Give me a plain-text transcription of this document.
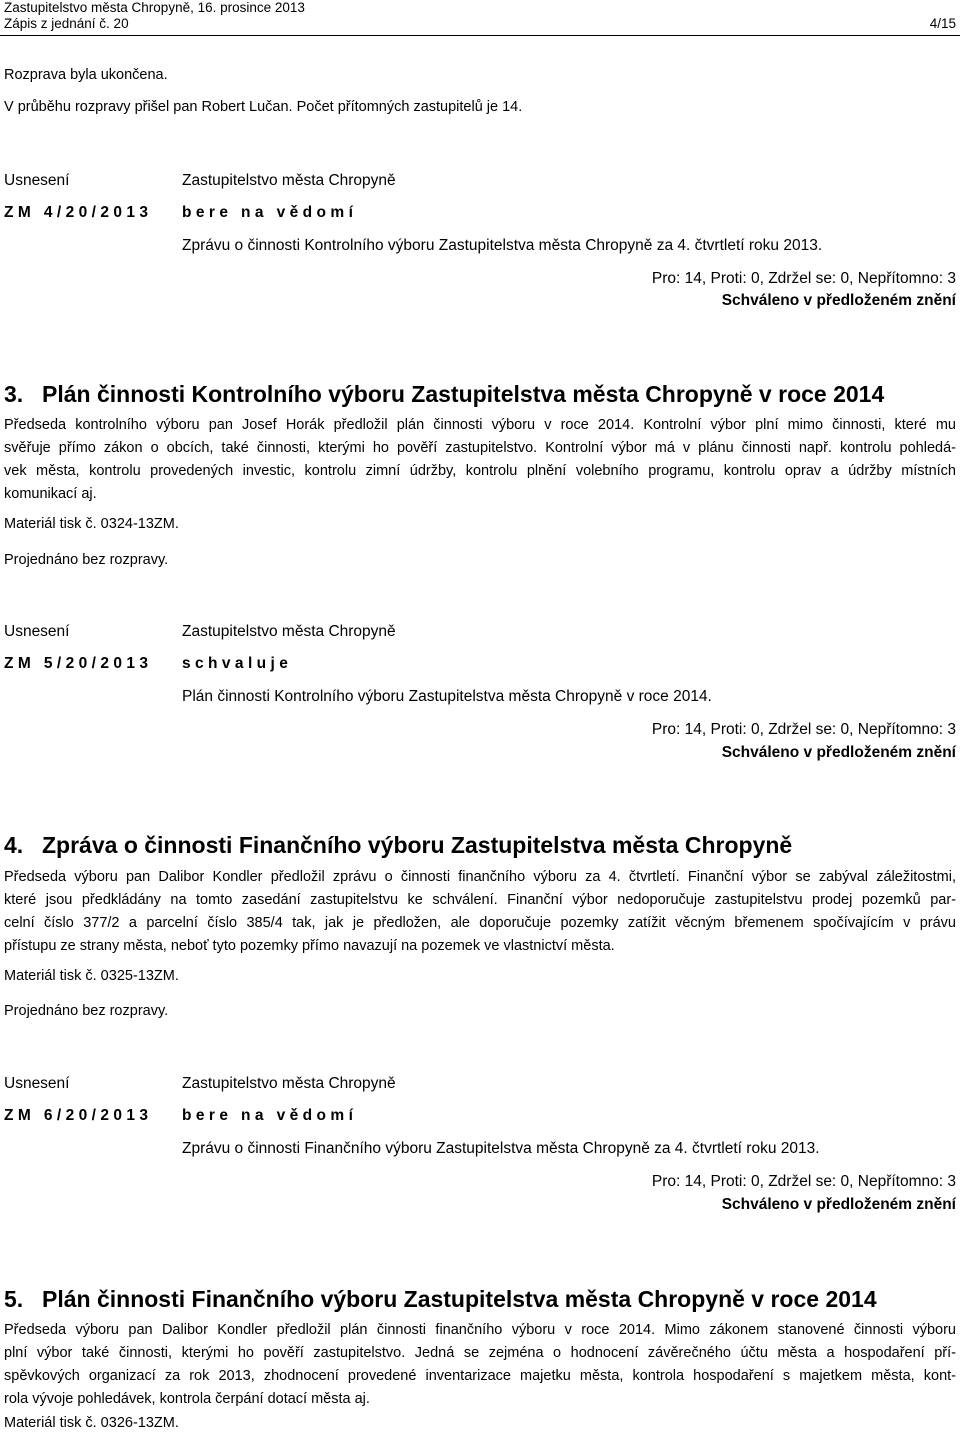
Zastupitelstvo města Chropyně, 16. prosince 2013
Zápis z jednání č. 20	4/15
Rozprava byla ukončena.
V průběhu rozpravy přišel pan Robert Lučan. Počet přítomných zastupitelů je 14.
Usnesení
ZM 4/20/2013
Zastupitelstvo města Chropyně
bere na vědomí
Zprávu o činnosti Kontrolního výboru Zastupitelstva města Chropyně za 4. čtvrtletí roku 2013.
Pro: 14, Proti: 0, Zdržel se: 0, Nepřítomno: 3
Schváleno v předloženém znění
3. Plán činnosti Kontrolního výboru Zastupitelstva města Chropyně v roce 2014
Předseda kontrolního výboru pan Josef Horák předložil plán činnosti výboru v roce 2014. Kontrolní výbor plní mimo činnosti, které mu
svěřuje přímo zákon o obcích, také činnosti, kterými ho pověří zastupitelstvo. Kontrolní výbor má v plánu činnosti např. kontrolu pohledá-
vek města, kontrolu provedených investic, kontrolu zimní údržby, kontrolu plnění volebního programu, kontrolu oprav a údržby místních
komunikací aj.
Materiál tisk č. 0324-13ZM.
Projednáno bez rozpravy.
Usnesení
ZM 5/20/2013
Zastupitelstvo města Chropyně
schvaluje
Plán činnosti Kontrolního výboru Zastupitelstva města Chropyně v roce 2014.
Pro: 14, Proti: 0, Zdržel se: 0, Nepřítomno: 3
Schváleno v předloženém znění
4. Zpráva o činnosti Finančního výboru Zastupitelstva města Chropyně
Předseda výboru pan Dalibor Kondler předložil zprávu o činnosti finančního výboru za 4. čtvrtletí. Finanční výbor se zabýval záležitostmi,
které jsou předkládány na tomto zasedání zastupitelstvu ke schválení. Finanční výbor nedoporučuje zastupitelstvu prodej pozemků par-
celní číslo 377/2 a parcelní číslo 385/4 tak, jak je předložen, ale doporučuje pozemky zatížit věcným břemenem spočívajícím v právu
přístupu ze strany města, neboť tyto pozemky přímo navazují na pozemek ve vlastnictví města.
Materiál tisk č. 0325-13ZM.
Projednáno bez rozpravy.
Usnesení
ZM 6/20/2013
Zastupitelstvo města Chropyně
bere na vědomí
Zprávu o činnosti Finančního výboru Zastupitelstva města Chropyně za 4. čtvrtletí roku 2013.
Pro: 14, Proti: 0, Zdržel se: 0, Nepřítomno: 3
Schváleno v předloženém znění
5. Plán činnosti Finančního výboru Zastupitelstva města Chropyně v roce 2014
Předseda výboru pan Dalibor Kondler předložil plán činnosti finančního výboru v roce 2014. Mimo zákonem stanovené činnosti výboru
plní výbor také činnosti, kterými ho pověří zastupitelstvo. Jedná se zejména o hodnocení závěrečného účtu města a hospodaření pří-
spěvkových organizací za rok 2013, zhodnocení provedené inventarizace majetku města, kontrola hospodaření s majetkem města, kont-
rola vývoje pohledávek, kontrola čerpání dotací města aj.
Materiál tisk č. 0326-13ZM.
